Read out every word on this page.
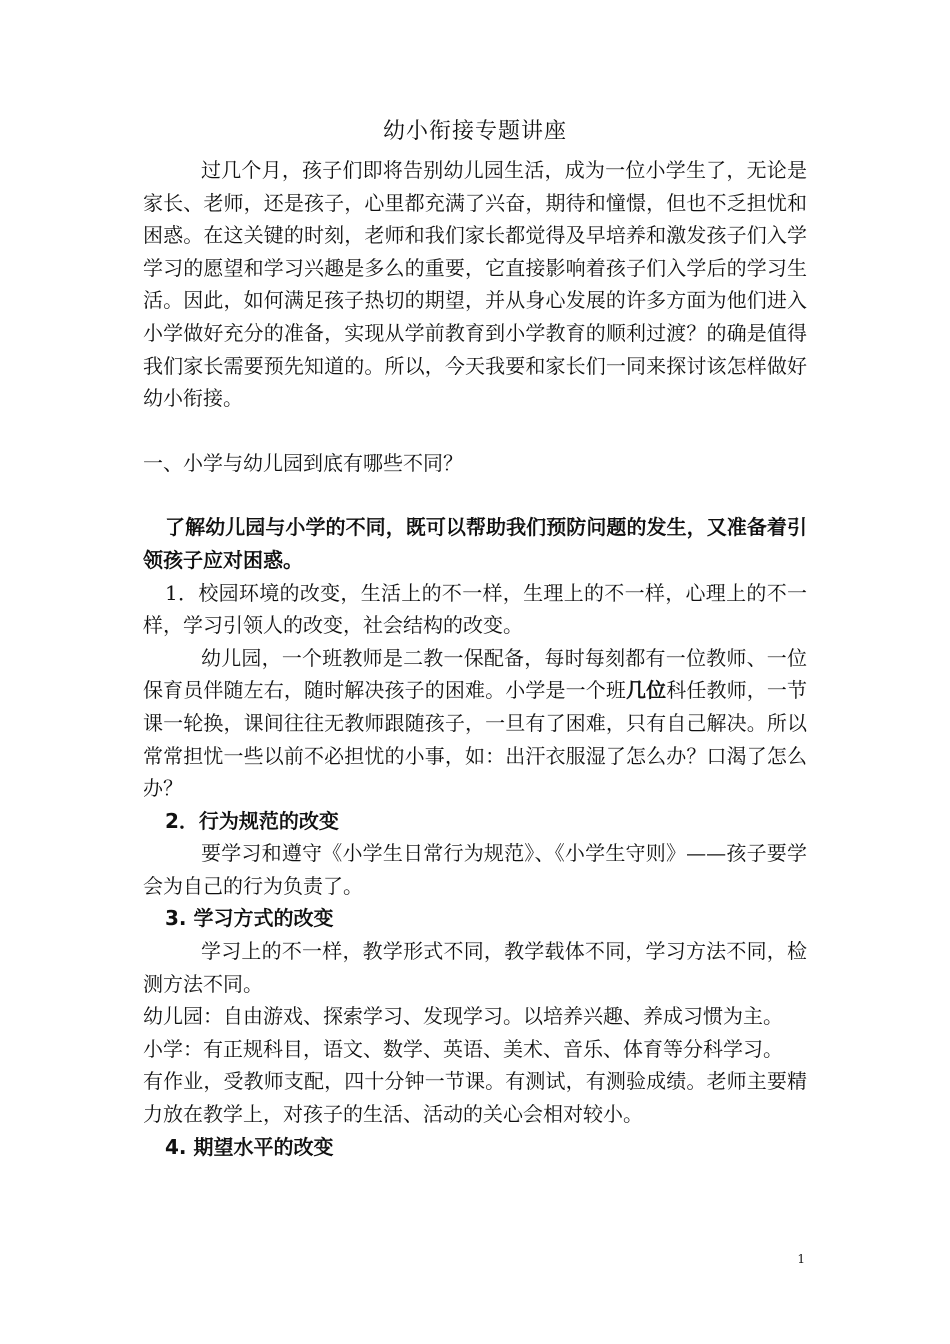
幼小衔接专题讲座

过几个月，孩子们即将告别幼儿园生活，成为一位小学生了，无论是家长、老师，还是孩子，心里都充满了兴奋，期待和憧憬，但也不乏担忧和困惑。在这关键的时刻，老师和我们家长都觉得及早培养和激发孩子们入学学习的愿望和学习兴趣是多么的重要，它直接影响着孩子们入学后的学习生活。因此，如何满足孩子热切的期望，并从身心发展的许多方面为他们进入小学做好充分的准备，实现从学前教育到小学教育的顺利过渡？的确是值得我们家长需要预先知道的。所以，今天我要和家长们一同来探讨该怎样做好幼小衔接。

一、小学与幼儿园到底有哪些不同？

了解幼儿园与小学的不同，既可以帮助我们预防问题的发生，又准备着引领孩子应对困惑。

1．校园环境的改变，生活上的不一样，生理上的不一样，心理上的不一样，学习引领人的改变，社会结构的改变。

幼儿园，一个班教师是二教一保配备，每时每刻都有一位教师、一位保育员伴随左右，随时解决孩子的困难。小学是一个班几位科任教师，一节课一轮换，课间往往无教师跟随孩子，一旦有了困难，只有自己解决。所以常常担忧一些以前不必担忧的小事，如：出汗衣服湿了怎么办？口渴了怎么办？

2．行为规范的改变

要学习和遵守《小学生日常行为规范》、《小学生守则》——孩子要学会为自己的行为负责了。

3. 学习方式的改变

学习上的不一样，教学形式不同，教学载体不同，学习方法不同，检测方法不同。

幼儿园：自由游戏、探索学习、发现学习。以培养兴趣、养成习惯为主。

小学：有正规科目，语文、数学、英语、美术、音乐、体育等分科学习。

有作业，受教师支配，四十分钟一节课。有测试，有测验成绩。老师主要精力放在教学上，对孩子的生活、活动的关心会相对较小。

4. 期望水平的改变

1
